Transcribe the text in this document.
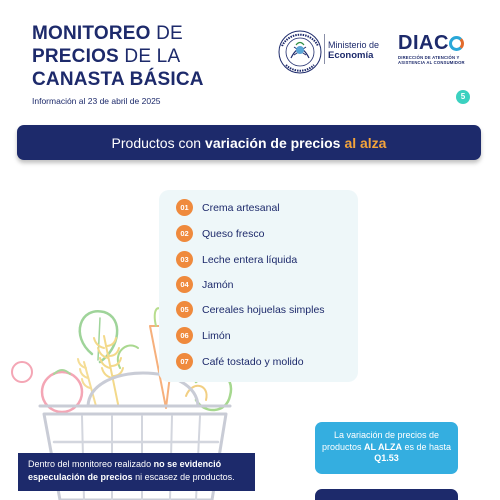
MONITOREO DE
PRECIOS DE LA
CANASTA BÁSICA
Información al 23 de abril de 2025
Ministerio de
Economía
DIAC
DIRECCIÓN DE ATENCIÓN Y
ASISTENCIA AL CONSUMIDOR
5
Productos con variación de precios al alza
01	Crema artesanal
02	Queso fresco
03	Leche entera líquida
04	Jamón
05	Cereales hojuelas simples
06	Limón
07	Café tostado y molido
Dentro del monitoreo realizado no se evidenció especulación de precios ni escasez de productos.
La variación de precios de productos AL ALZA es de hasta Q1.53
